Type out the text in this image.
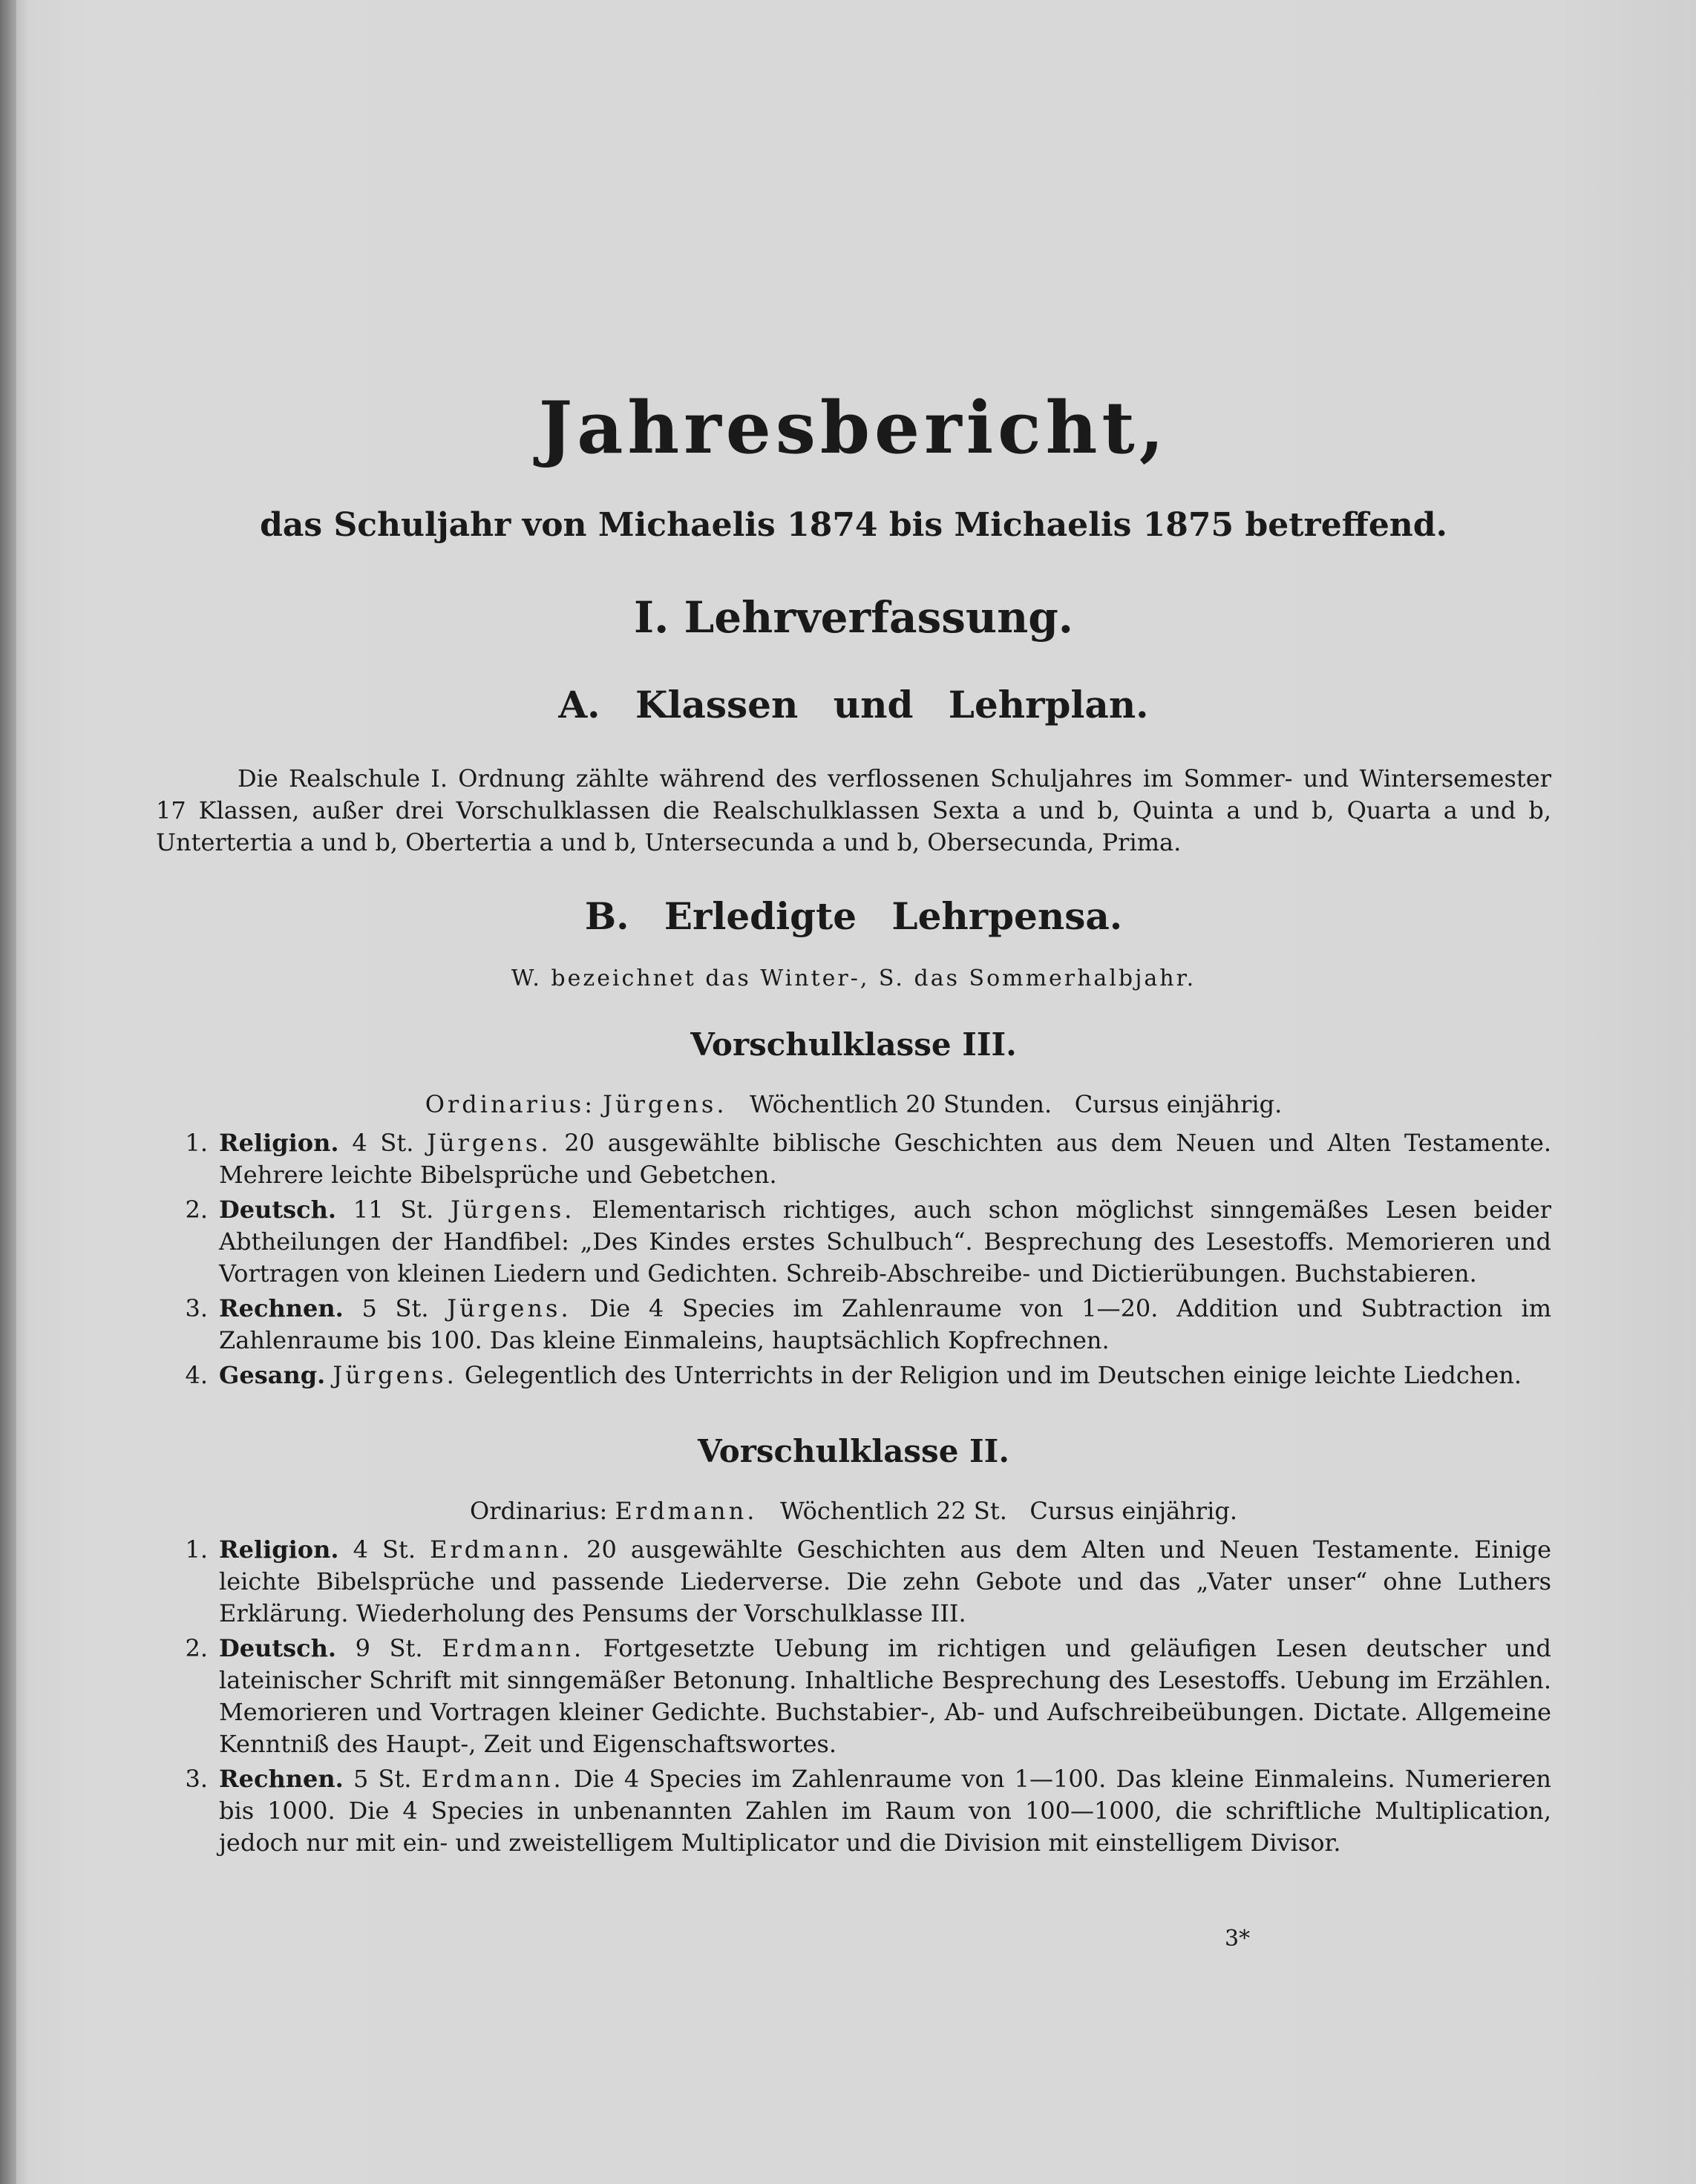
Jahresbericht,
das Schuljahr von Michaelis 1874 bis Michaelis 1875 betreffend.
I. Lehrverfassung.
A. Klassen und Lehrplan.
Die Realschule I. Ordnung zählte während des verflossenen Schuljahres im Sommer- und Wintersemester 17 Klassen, außer drei Vorschulklassen die Realschulklassen Sexta a und b, Quinta a und b, Quarta a und b, Untertertia a und b, Obertertia a und b, Untersecunda a und b, Obersecunda, Prima.
B. Erledigte Lehrpensa.
W. bezeichnet das Winter-, S. das Sommerhalbjahr.
Vorschulklasse III.
Ordinarius: Jürgens. Wöchentlich 20 Stunden. Cursus einjährig.
1. Religion. 4 St. Jürgens. 20 ausgewählte biblische Geschichten aus dem Neuen und Alten Testamente. Mehrere leichte Bibelsprüche und Gebetchen.
2. Deutsch. 11 St. Jürgens. Elementarisch richtiges, auch schon möglichst sinngemäßes Lesen beider Abtheilungen der Handfibel: „Des Kindes erstes Schulbuch“. Besprechung des Lesestoffs. Memorieren und Vortragen von kleinen Liedern und Gedichten. Schreib-Abschreibe- und Dictierübungen. Buchstabieren.
3. Rechnen. 5 St. Jürgens. Die 4 Species im Zahlenraume von 1—20. Addition und Subtraction im Zahlenraume bis 100. Das kleine Einmaleins, hauptsächlich Kopfrechnen.
4. Gesang. Jürgens. Gelegentlich des Unterrichts in der Religion und im Deutschen einige leichte Liedchen.
Vorschulklasse II.
Ordinarius: Erdmann. Wöchentlich 22 St. Cursus einjährig.
1. Religion. 4 St. Erdmann. 20 ausgewählte Geschichten aus dem Alten und Neuen Testamente. Einige leichte Bibelsprüche und passende Liederverse. Die zehn Gebote und das „Vater unser“ ohne Luthers Erklärung. Wiederholung des Pensums der Vorschulklasse III.
2. Deutsch. 9 St. Erdmann. Fortgesetzte Uebung im richtigen und geläufigen Lesen deutscher und lateinischer Schrift mit sinngemäßer Betonung. Inhaltliche Besprechung des Lesestoffs. Uebung im Erzählen. Memorieren und Vortragen kleiner Gedichte. Buchstabier-, Ab- und Aufschreibeübungen. Dictate. Allgemeine Kenntniß des Haupt-, Zeit und Eigenschaftswortes.
3. Rechnen. 5 St. Erdmann. Die 4 Species im Zahlenraume von 1—100. Das kleine Einmaleins. Numerieren bis 1000. Die 4 Species in unbenannten Zahlen im Raum von 100—1000, die schriftliche Multiplication, jedoch nur mit ein- und zweistelligem Multiplicator und die Division mit einstelligem Divisor.
3*
